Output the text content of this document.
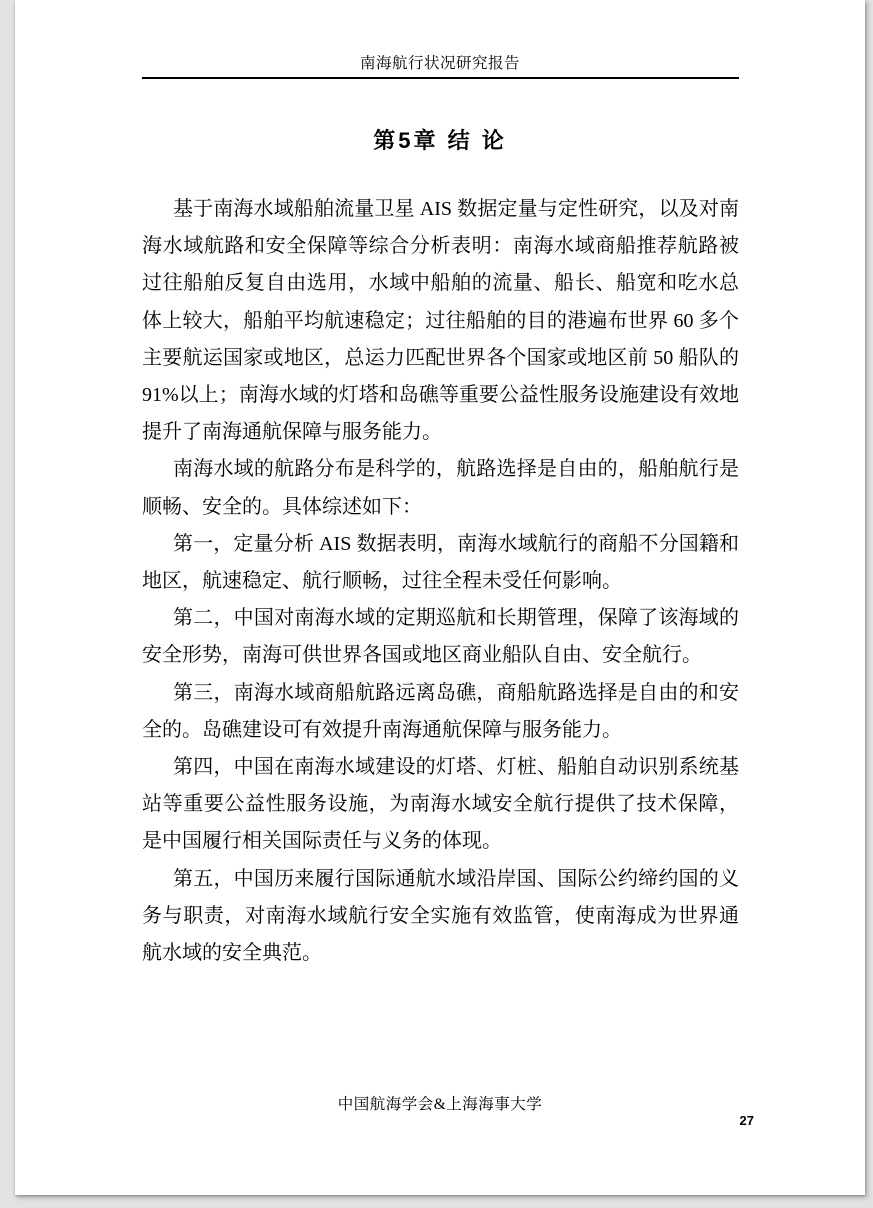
南海航行状况研究报告
第5章 结 论

基于南海水域船舶流量卫星 AIS 数据定量与定性研究，以及对南海水域航路和安全保障等综合分析表明：南海水域商船推荐航路被过往船舶反复自由选用，水域中船舶的流量、船长、船宽和吃水总体上较大，船舶平均航速稳定；过往船舶的目的港遍布世界 60 多个主要航运国家或地区，总运力匹配世界各个国家或地区前 50 船队的 91%以上；南海水域的灯塔和岛礁等重要公益性服务设施建设有效地提升了南海通航保障与服务能力。

南海水域的航路分布是科学的，航路选择是自由的，船舶航行是顺畅、安全的。具体综述如下：

第一，定量分析 AIS 数据表明，南海水域航行的商船不分国籍和地区，航速稳定、航行顺畅，过往全程未受任何影响。

第二，中国对南海水域的定期巡航和长期管理，保障了该海域的安全形势，南海可供世界各国或地区商业船队自由、安全航行。

第三，南海水域商船航路远离岛礁，商船航路选择是自由的和安全的。岛礁建设可有效提升南海通航保障与服务能力。

第四，中国在南海水域建设的灯塔、灯桩、船舶自动识别系统基站等重要公益性服务设施，为南海水域安全航行提供了技术保障，是中国履行相关国际责任与义务的体现。

第五，中国历来履行国际通航水域沿岸国、国际公约缔约国的义务与职责，对南海水域航行安全实施有效监管，使南海成为世界通航水域的安全典范。

中国航海学会&上海海事大学
27
